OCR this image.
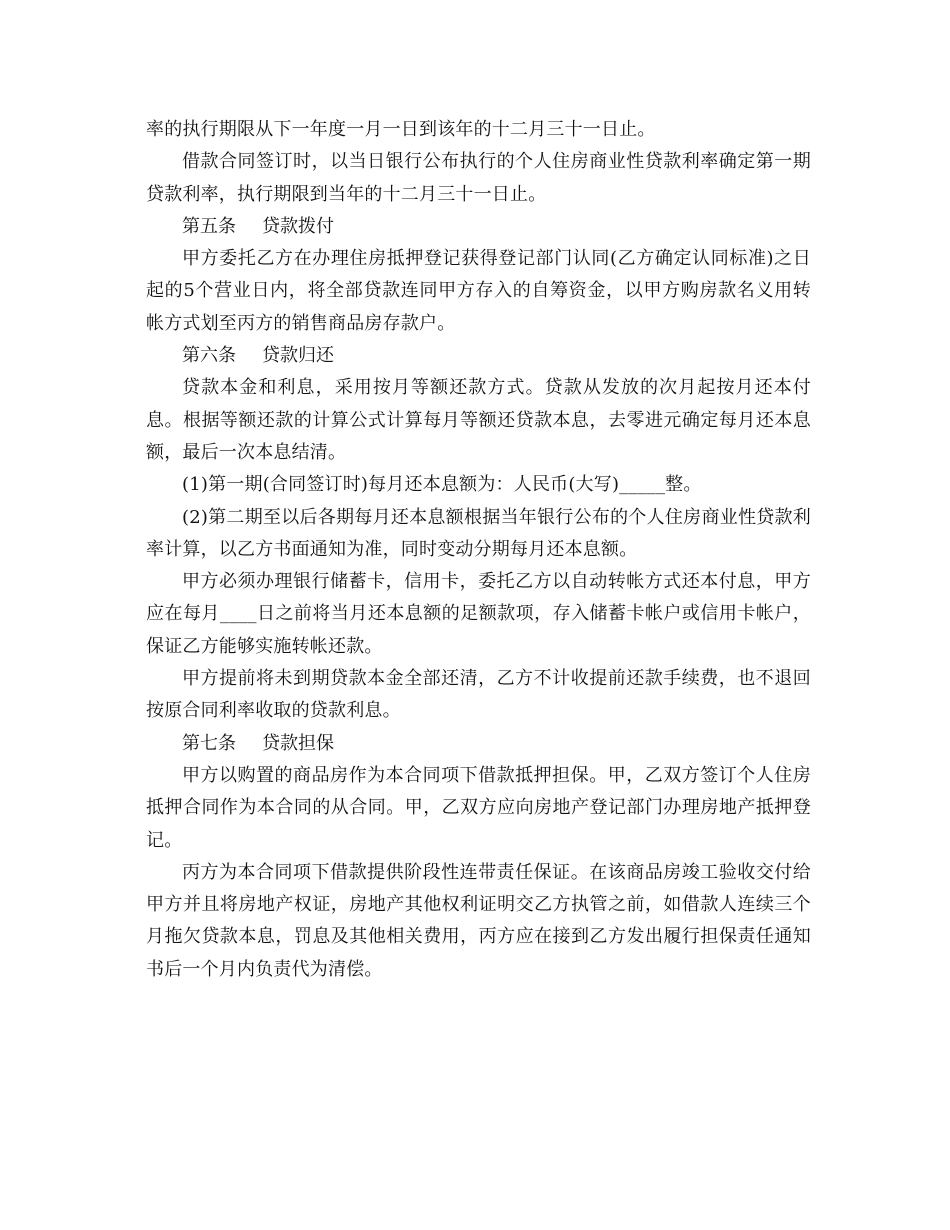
率的执行期限从下一年度一月一日到该年的十二月三十一日止。

借款合同签订时，以当日银行公布执行的个人住房商业性贷款利率确定第一期贷款利率，执行期限到当年的十二月三十一日止。

第五条 贷款拨付

甲方委托乙方在办理住房抵押登记获得登记部门认同(乙方确定认同标准)之日起的5个营业日内，将全部贷款连同甲方存入的自筹资金，以甲方购房款名义用转帐方式划至丙方的销售商品房存款户。

第六条 贷款归还

贷款本金和利息，采用按月等额还款方式。贷款从发放的次月起按月还本付息。根据等额还款的计算公式计算每月等额还贷款本息，去零进元确定每月还本息额，最后一次本息结清。

(1)第一期(合同签订时)每月还本息额为：人民币(大写)_____整。

(2)第二期至以后各期每月还本息额根据当年银行公布的个人住房商业性贷款利率计算，以乙方书面通知为准，同时变动分期每月还本息额。

甲方必须办理银行储蓄卡，信用卡，委托乙方以自动转帐方式还本付息，甲方应在每月____日之前将当月还本息额的足额款项，存入储蓄卡帐户或信用卡帐户，保证乙方能够实施转帐还款。

甲方提前将未到期贷款本金全部还清，乙方不计收提前还款手续费，也不退回按原合同利率收取的贷款利息。

第七条 贷款担保

甲方以购置的商品房作为本合同项下借款抵押担保。甲，乙双方签订个人住房抵押合同作为本合同的从合同。甲，乙双方应向房地产登记部门办理房地产抵押登记。

丙方为本合同项下借款提供阶段性连带责任保证。在该商品房竣工验收交付给甲方并且将房地产权证，房地产其他权利证明交乙方执管之前，如借款人连续三个月拖欠贷款本息，罚息及其他相关费用，丙方应在接到乙方发出履行担保责任通知书后一个月内负责代为清偿。
